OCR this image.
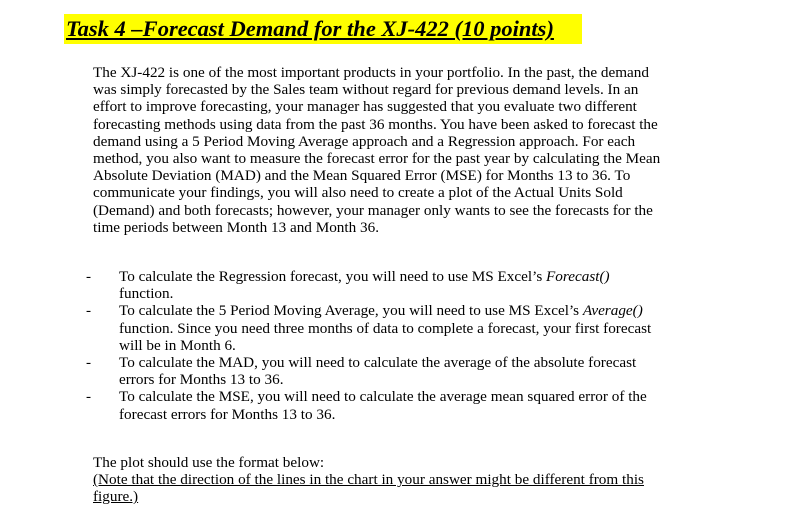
Task 4 –Forecast Demand for the XJ-422 (10 points)
The XJ-422 is one of the most important products in your portfolio. In the past, the demand
was simply forecasted by the Sales team without regard for previous demand levels. In an
effort to improve forecasting, your manager has suggested that you evaluate two different
forecasting methods using data from the past 36 months. You have been asked to forecast the
demand using a 5 Period Moving Average approach and a Regression approach. For each
method, you also want to measure the forecast error for the past year by calculating the Mean
Absolute Deviation (MAD) and the Mean Squared Error (MSE) for Months 13 to 36. To
communicate your findings, you will also need to create a plot of the Actual Units Sold
(Demand) and both forecasts; however, your manager only wants to see the forecasts for the
time periods between Month 13 and Month 36.
-	To calculate the Regression forecast, you will need to use MS Excel’s Forecast()
function.
-	To calculate the 5 Period Moving Average, you will need to use MS Excel’s Average()
function. Since you need three months of data to complete a forecast, your first forecast
will be in Month 6.
-	To calculate the MAD, you will need to calculate the average of the absolute forecast
errors for Months 13 to 36.
-	To calculate the MSE, you will need to calculate the average mean squared error of the
forecast errors for Months 13 to 36.
The plot should use the format below:
(Note that the direction of the lines in the chart in your answer might be different from this
figure.)
